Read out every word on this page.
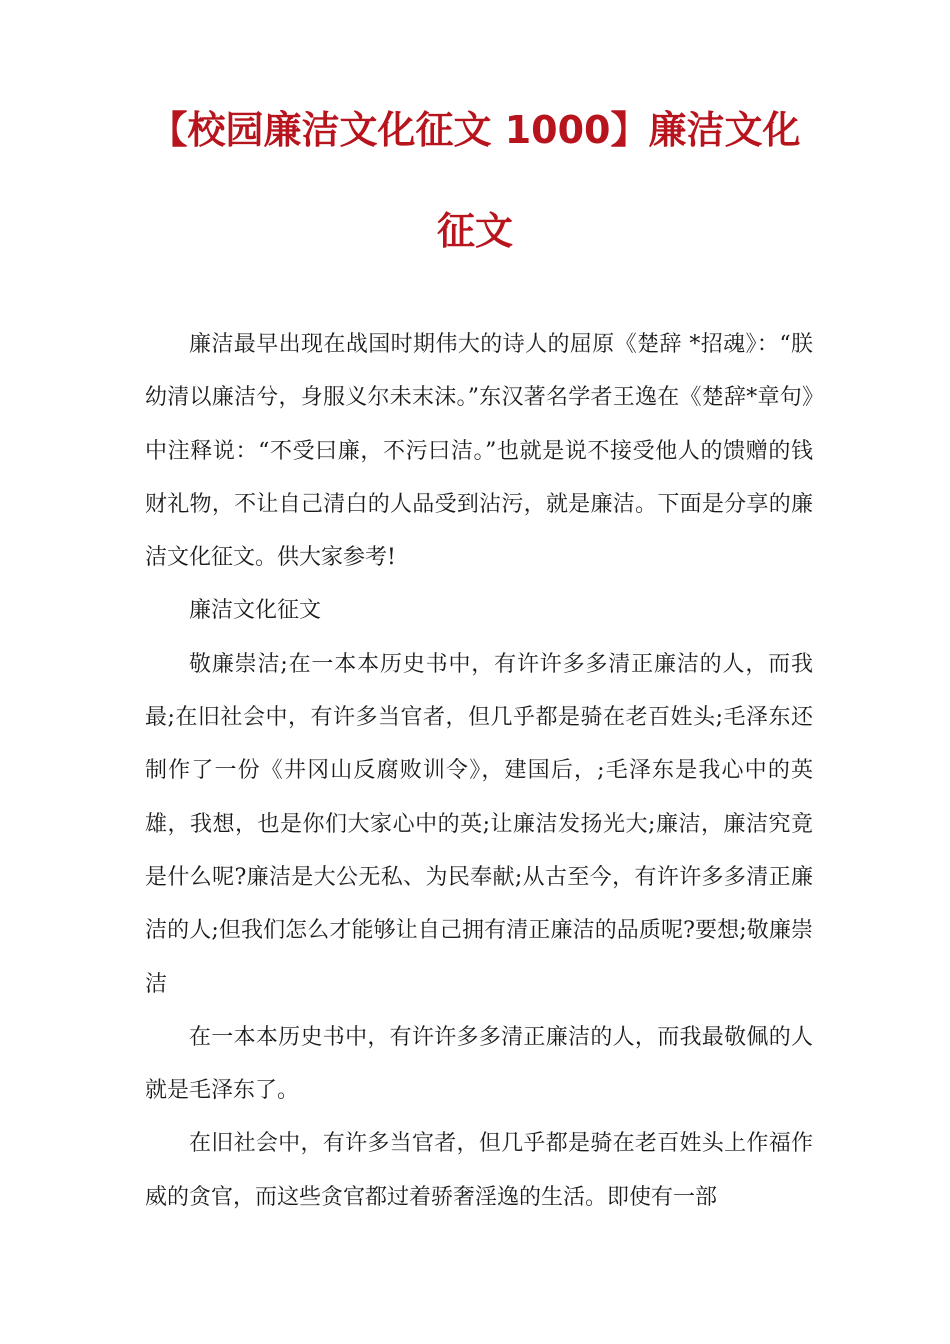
【校园廉洁文化征文 1000】廉洁文化
征文

廉洁最早出现在战国时期伟大的诗人的屈原《楚辞 *招魂》：“朕幼清以廉洁兮，身服义尔未末沫。”东汉著名学者王逸在《楚辞*章句》中注释说：“不受曰廉，不污曰洁。”也就是说不接受他人的馈赠的钱财礼物，不让自己清白的人品受到沾污，就是廉洁。下面是分享的廉洁文化征文。供大家参考!

廉洁文化征文

敬廉崇洁;在一本本历史书中，有许许多多清正廉洁的人，而我最;在旧社会中，有许多当官者，但几乎都是骑在老百姓头;毛泽东还制作了一份《井冈山反腐败训令》，建国后，;毛泽东是我心中的英雄，我想，也是你们大家心中的英;让廉洁发扬光大;廉洁，廉洁究竟是什么呢?廉洁是大公无私、为民奉献;从古至今，有许许多多清正廉洁的人;但我们怎么才能够让自己拥有清正廉洁的品质呢?要想;敬廉崇洁

在一本本历史书中，有许许多多清正廉洁的人，而我最敬佩的人就是毛泽东了。

在旧社会中，有许多当官者，但几乎都是骑在老百姓头上作福作威的贪官，而这些贪官都过着骄奢淫逸的生活。即使有一部
